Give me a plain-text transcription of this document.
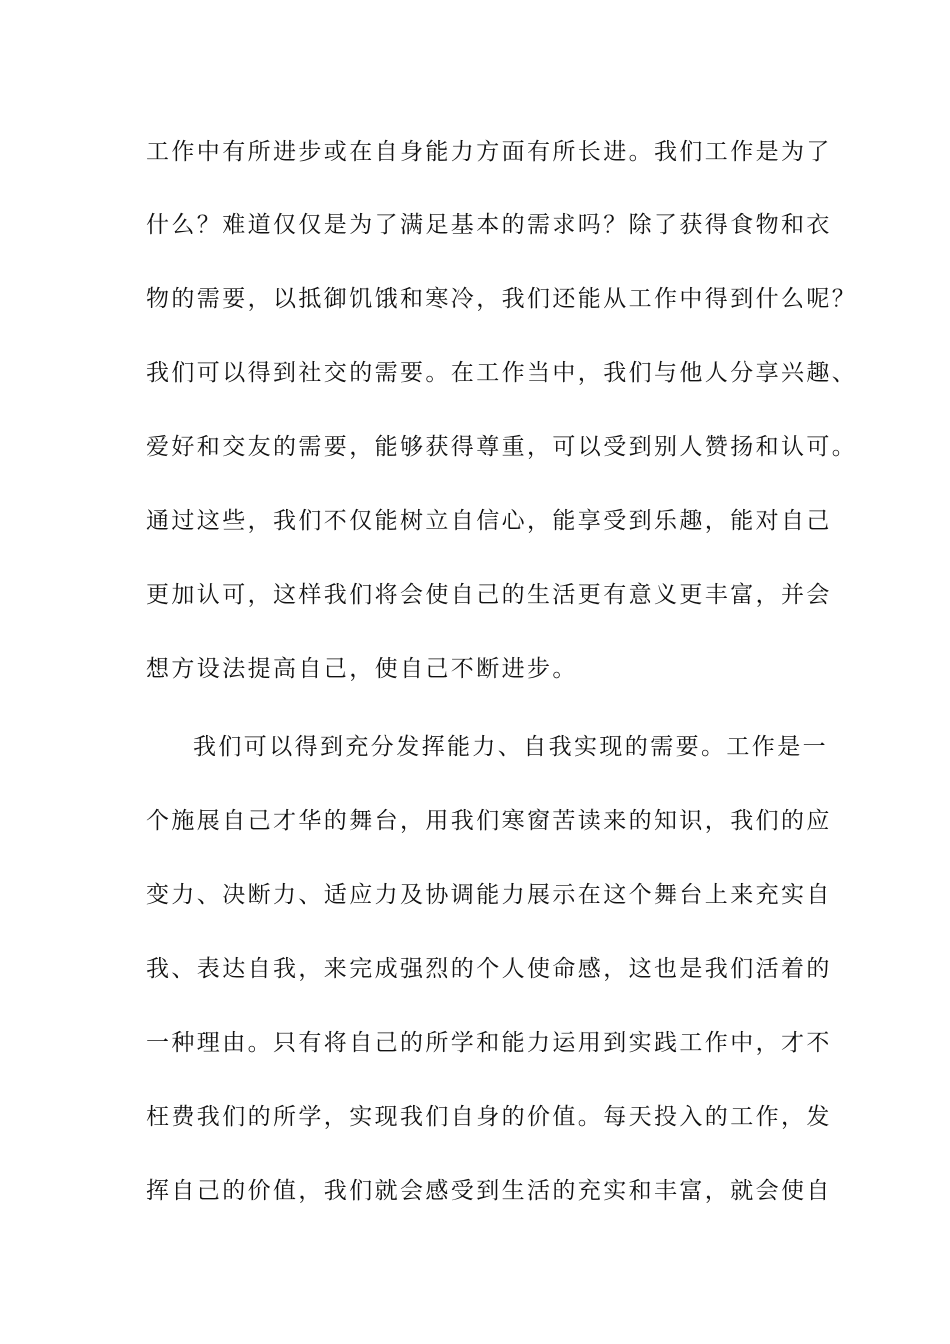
工作中有所进步或在自身能力方面有所长进。我们工作是为了

什么？难道仅仅是为了满足基本的需求吗？除了获得食物和衣

物的需要，以抵御饥饿和寒冷，我们还能从工作中得到什么呢？

我们可以得到社交的需要。在工作当中，我们与他人分享兴趣、

爱好和交友的需要，能够获得尊重，可以受到别人赞扬和认可。

通过这些，我们不仅能树立自信心，能享受到乐趣，能对自己

更加认可，这样我们将会使自己的生活更有意义更丰富，并会

想方设法提高自己，使自己不断进步。

我们可以得到充分发挥能力、自我实现的需要。工作是一

个施展自己才华的舞台，用我们寒窗苦读来的知识，我们的应

变力、决断力、适应力及协调能力展示在这个舞台上来充实自

我、表达自我，来完成强烈的个人使命感，这也是我们活着的

一种理由。只有将自己的所学和能力运用到实践工作中，才不

枉费我们的所学，实现我们自身的价值。每天投入的工作，发

挥自己的价值，我们就会感受到生活的充实和丰富，就会使自
